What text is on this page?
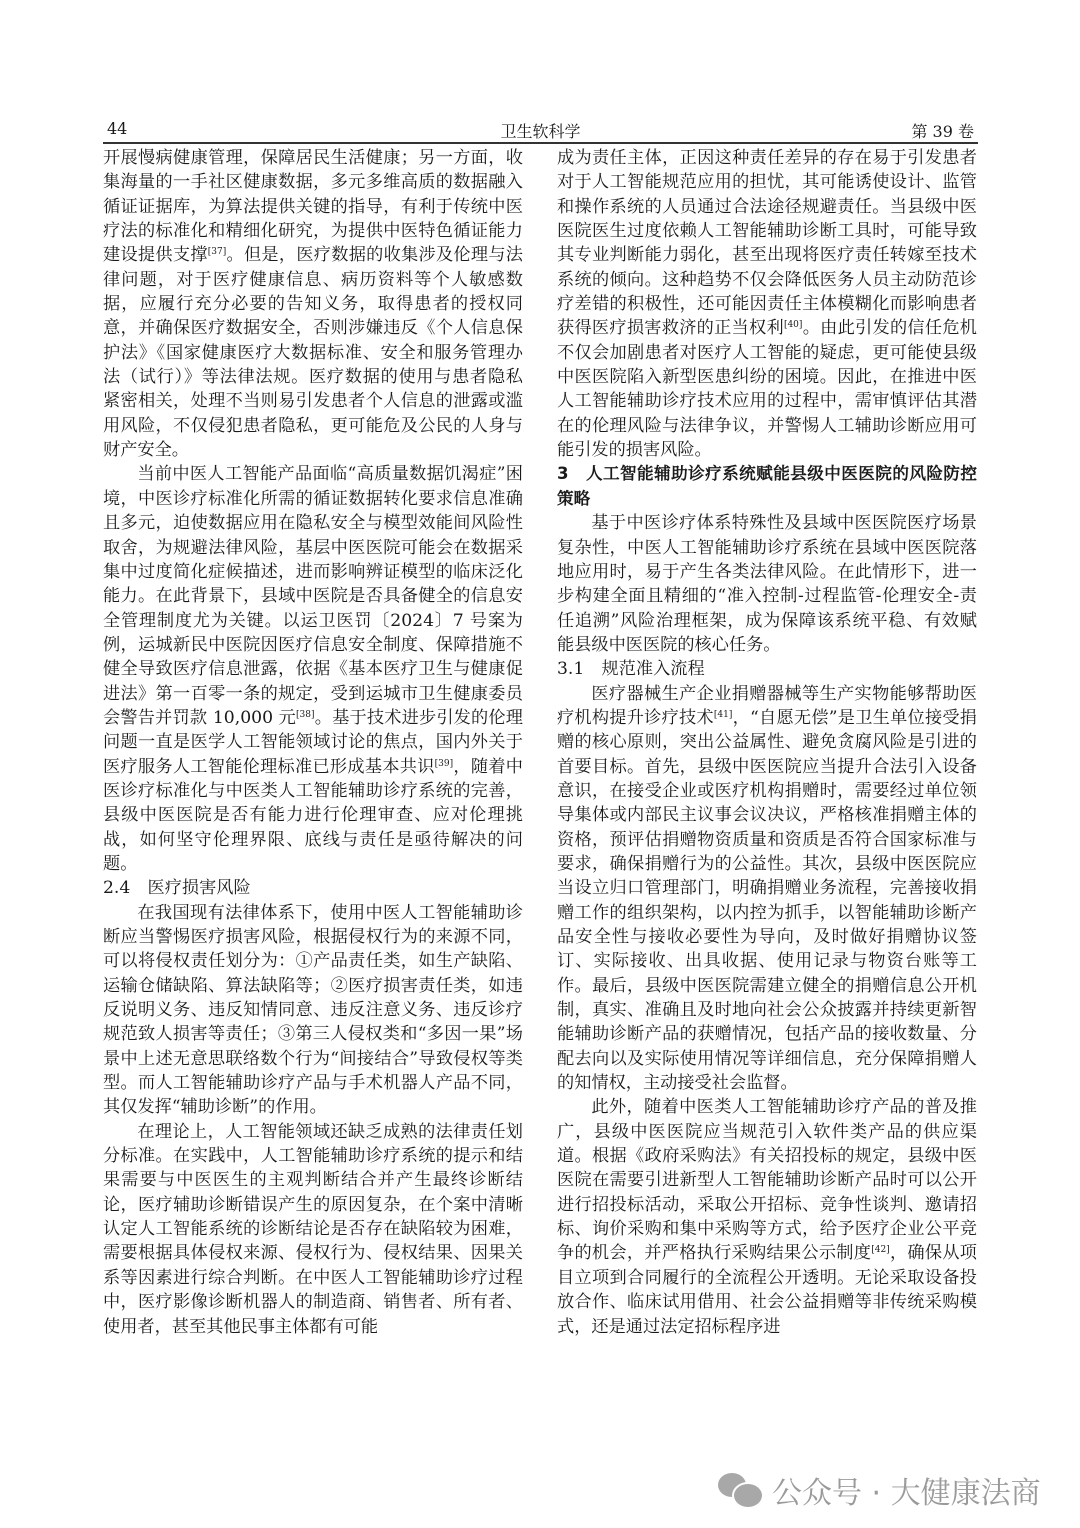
44	卫生软科学	第 39 卷

开展慢病健康管理，保障居民生活健康；另一方面，收集海量的一手社区健康数据，多元多维高质的数据融入循证证据库，为算法提供关键的指导，有利于传统中医疗法的标准化和精细化研究，为提供中医特色循证能力建设提供支撑[37]。但是，医疗数据的收集涉及伦理与法律问题，对于医疗健康信息、病历资料等个人敏感数据，应履行充分必要的告知义务，取得患者的授权同意，并确保医疗数据安全，否则涉嫌违反《个人信息保护法》《国家健康医疗大数据标准、安全和服务管理办法（试行）》等法律法规。医疗数据的使用与患者隐私紧密相关，处理不当则易引发患者个人信息的泄露或滥用风险，不仅侵犯患者隐私，更可能危及公民的人身与财产安全。

当前中医人工智能产品面临“高质量数据饥渴症”困境，中医诊疗标准化所需的循证数据转化要求信息准确且多元，迫使数据应用在隐私安全与模型效能间风险性取舍，为规避法律风险，基层中医医院可能会在数据采集中过度简化症候描述，进而影响辨证模型的临床泛化能力。在此背景下，县域中医院是否具备健全的信息安全管理制度尤为关键。以运卫医罚〔2024〕7 号案为例，运城新民中医院因医疗信息安全制度、保障措施不健全导致医疗信息泄露，依据《基本医疗卫生与健康促进法》第一百零一条的规定，受到运城市卫生健康委员会警告并罚款 10,000 元[38]。基于技术进步引发的伦理问题一直是医学人工智能领域讨论的焦点，国内外关于医疗服务人工智能伦理标准已形成基本共识[39]，随着中医诊疗标准化与中医类人工智能辅助诊疗系统的完善，县级中医医院是否有能力进行伦理审查、应对伦理挑战，如何坚守伦理界限、底线与责任是亟待解决的问题。

2.4　医疗损害风险

在我国现有法律体系下，使用中医人工智能辅助诊断应当警惕医疗损害风险，根据侵权行为的来源不同，可以将侵权责任划分为：①产品责任类，如生产缺陷、运输仓储缺陷、算法缺陷等；②医疗损害责任类，如违反说明义务、违反知情同意、违反注意义务、违反诊疗规范致人损害等责任；③第三人侵权类和“多因一果”场景中上述无意思联络数个行为“间接结合”导致侵权等类型。而人工智能辅助诊疗产品与手术机器人产品不同，其仅发挥“辅助诊断”的作用。

在理论上，人工智能领域还缺乏成熟的法律责任划分标准。在实践中，人工智能辅助诊疗系统的提示和结果需要与中医医生的主观判断结合并产生最终诊断结论，医疗辅助诊断错误产生的原因复杂，在个案中清晰认定人工智能系统的诊断结论是否存在缺陷较为困难，需要根据具体侵权来源、侵权行为、侵权结果、因果关系等因素进行综合判断。在中医人工智能辅助诊疗过程中，医疗影像诊断机器人的制造商、销售者、所有者、使用者，甚至其他民事主体都有可能

成为责任主体，正因这种责任差异的存在易于引发患者对于人工智能规范应用的担忧，其可能诱使设计、监管和操作系统的人员通过合法途径规避责任。当县级中医医院医生过度依赖人工智能辅助诊断工具时，可能导致其专业判断能力弱化，甚至出现将医疗责任转嫁至技术系统的倾向。这种趋势不仅会降低医务人员主动防范诊疗差错的积极性，还可能因责任主体模糊化而影响患者获得医疗损害救济的正当权利[40]。由此引发的信任危机不仅会加剧患者对医疗人工智能的疑虑，更可能使县级中医医院陷入新型医患纠纷的困境。因此，在推进中医人工智能辅助诊疗技术应用的过程中，需审慎评估其潜在的伦理风险与法律争议，并警惕人工辅助诊断应用可能引发的损害风险。

3　人工智能辅助诊疗系统赋能县级中医医院的风险防控策略

基于中医诊疗体系特殊性及县域中医医院医疗场景复杂性，中医人工智能辅助诊疗系统在县域中医医院落地应用时，易于产生各类法律风险。在此情形下，进一步构建全面且精细的“准入控制-过程监管-伦理安全-责任追溯”风险治理框架，成为保障该系统平稳、有效赋能县级中医医院的核心任务。

3.1　规范准入流程

医疗器械生产企业捐赠器械等生产实物能够帮助医疗机构提升诊疗技术[41]，“自愿无偿”是卫生单位接受捐赠的核心原则，突出公益属性、避免贪腐风险是引进的首要目标。首先，县级中医医院应当提升合法引入设备意识，在接受企业或医疗机构捐赠时，需要经过单位领导集体或内部民主议事会议决议，严格核准捐赠主体的资格，预评估捐赠物资质量和资质是否符合国家标准与要求，确保捐赠行为的公益性。其次，县级中医医院应当设立归口管理部门，明确捐赠业务流程，完善接收捐赠工作的组织架构，以内控为抓手，以智能辅助诊断产品安全性与接收必要性为导向，及时做好捐赠协议签订、实际接收、出具收据、使用记录与物资台账等工作。最后，县级中医医院需建立健全的捐赠信息公开机制，真实、准确且及时地向社会公众披露并持续更新智能辅助诊断产品的获赠情况，包括产品的接收数量、分配去向以及实际使用情况等详细信息，充分保障捐赠人的知情权，主动接受社会监督。

此外，随着中医类人工智能辅助诊疗产品的普及推广，县级中医医院应当规范引入软件类产品的供应渠道。根据《政府采购法》有关招投标的规定，县级中医医院在需要引进新型人工智能辅助诊断产品时可以公开进行招投标活动，采取公开招标、竞争性谈判、邀请招标、询价采购和集中采购等方式，给予医疗企业公平竞争的机会，并严格执行采购结果公示制度[42]，确保从项目立项到合同履行的全流程公开透明。无论采取设备投放合作、临床试用借用、社会公益捐赠等非传统采购模式，还是通过法定招标程序进

公众号 · 大健康法商
